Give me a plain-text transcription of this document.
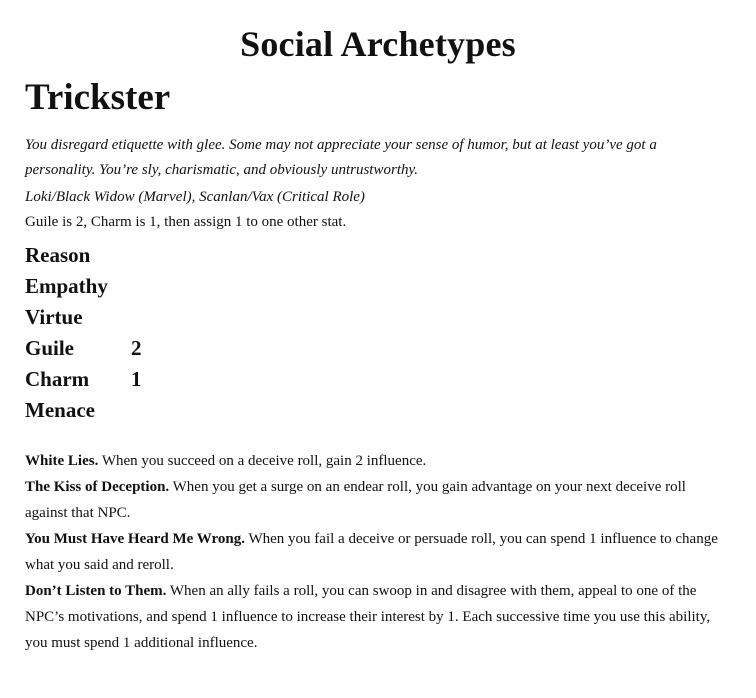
Social Archetypes
Trickster
You disregard etiquette with glee. Some may not appreciate your sense of humor, but at least you’ve got a personality. You’re sly, charismatic, and obviously untrustworthy.
Loki/Black Widow (Marvel), Scanlan/Vax (Critical Role)
Guile is 2, Charm is 1, then assign 1 to one other stat.
Reason
Empathy
Virtue
Guile	2
Charm	1
Menace

White Lies. When you succeed on a deceive roll, gain 2 influence.

The Kiss of Deception. When you get a surge on an endear roll, you gain advantage on your next deceive roll against that NPC.

You Must Have Heard Me Wrong. When you fail a deceive or persuade roll, you can spend 1 influence to change what you said and reroll.

Don’t Listen to Them. When an ally fails a roll, you can swoop in and disagree with them, appeal to one of the NPC’s motivations, and spend 1 influence to increase their interest by 1. Each successive time you use this ability, you must spend 1 additional influence.
